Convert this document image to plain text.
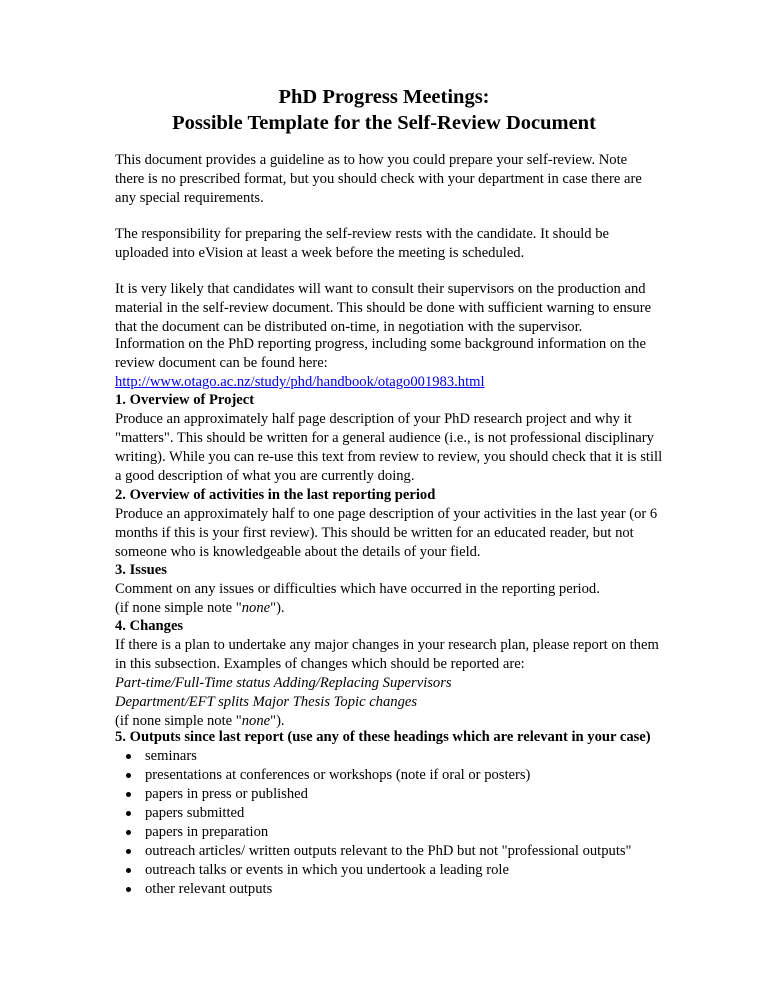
PhD Progress Meetings:
Possible Template for the Self-Review Document

This document provides a guideline as to how you could prepare your self-review. Note
there is no prescribed format, but you should check with your department in case there are
any special requirements.

The responsibility for preparing the self-review rests with the candidate. It should be
uploaded into eVision at least a week before the meeting is scheduled.

It is very likely that candidates will want to consult their supervisors on the production and
material in the self-review document. This should be done with sufficient warning to ensure
that the document can be distributed on-time, in negotiation with the supervisor.

Information on the PhD reporting progress, including some background information on the
review document can be found here:
http://www.otago.ac.nz/study/phd/handbook/otago001983.html

1. Overview of Project
Produce an approximately half page description of your PhD research project and why it
"matters". This should be written for a general audience (i.e., is not professional disciplinary
writing). While you can re-use this text from review to review, you should check that it is still
a good description of what you are currently doing.
2. Overview of activities in the last reporting period
Produce an approximately half to one page description of your activities in the last year (or 6
months if this is your first review). This should be written for an educated reader, but not
someone who is knowledgeable about the details of your field.
3. Issues
Comment on any issues or difficulties which have occurred in the reporting period.
(if none simple note "none").
4. Changes
If there is a plan to undertake any major changes in your research plan, please report on them
in this subsection. Examples of changes which should be reported are:
Part-time/Full-Time status Adding/Replacing Supervisors
Department/EFT splits Major Thesis Topic changes
(if none simple note "none").
5. Outputs since last report (use any of these headings which are relevant in your case)
seminars
presentations at conferences or workshops (note if oral or posters)
papers in press or published
papers submitted
papers in preparation
outreach articles/ written outputs relevant to the PhD but not "professional outputs"
outreach talks or events in which you undertook a leading role
other relevant outputs
